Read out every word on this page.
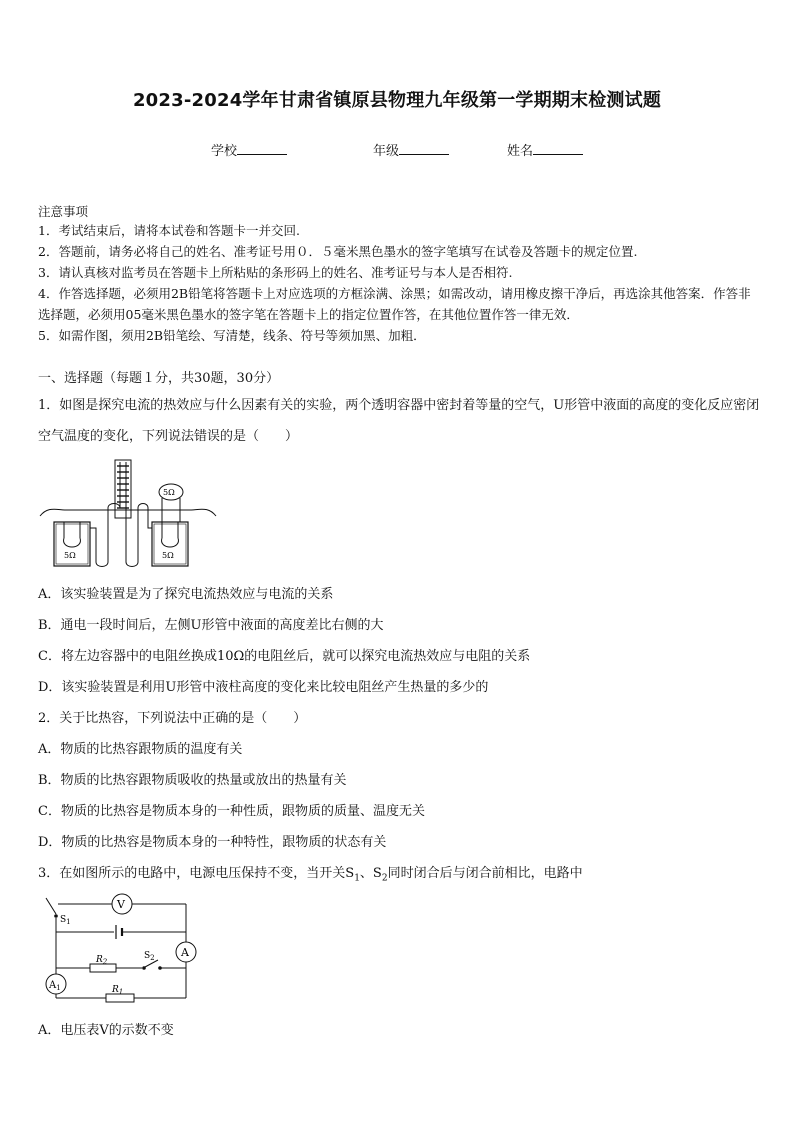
2023-2024学年甘肃省镇原县物理九年级第一学期期末检测试题
学校	年级	姓名
注意事项
1．考试结束后，请将本试卷和答题卡一并交回.
2．答题前，请务必将自己的姓名、准考证号用０．５毫米黑色墨水的签字笔填写在试卷及答题卡的规定位置.
3．请认真核对监考员在答题卡上所粘贴的条形码上的姓名、准考证号与本人是否相符.
4．作答选择题，必须用2B铅笔将答题卡上对应选项的方框涂满、涂黑；如需改动，请用橡皮擦干净后，再选涂其他答案．作答非选择题，必须用05毫米黑色墨水的签字笔在答题卡上的指定位置作答，在其他位置作答一律无效．
5．如需作图，须用2B铅笔绘、写清楚，线条、符号等须加黑、加粗．
一、选择题（每题１分，共30题，30分）
1．如图是探究电流的热效应与什么因素有关的实验，两个透明容器中密封着等量的空气，U形管中液面的高度的变化反应密闭空气温度的变化，下列说法错误的是（　　）
5Ω	5Ω
5Ω
A．该实验装置是为了探究电流热效应与电流的关系
B．通电一段时间后，左侧U形管中液面的高度差比右侧的大
C．将左边容器中的电阻丝换成10Ω的电阻丝后，就可以探究电流热效应与电阻的关系
D．该实验装置是利用U形管中液柱高度的变化来比较电阻丝产生热量的多少的
2．关于比热容，下列说法中正确的是（　　）
A．物质的比热容跟物质的温度有关
B．物质的比热容跟物质吸收的热量或放出的热量有关
C．物质的比热容是物质本身的一种性质，跟物质的质量、温度无关
D．物质的比热容是物质本身的一种特性，跟物质的状态有关
3．在如图所示的电路中，电源电压保持不变，当开关$S_1$、$S_2$同时闭合后与闭合前相比，电路中
V
$S_1$
A
$R_2$
$S_2$
$A_1$	$R_1$
A．电压表V的示数不变
